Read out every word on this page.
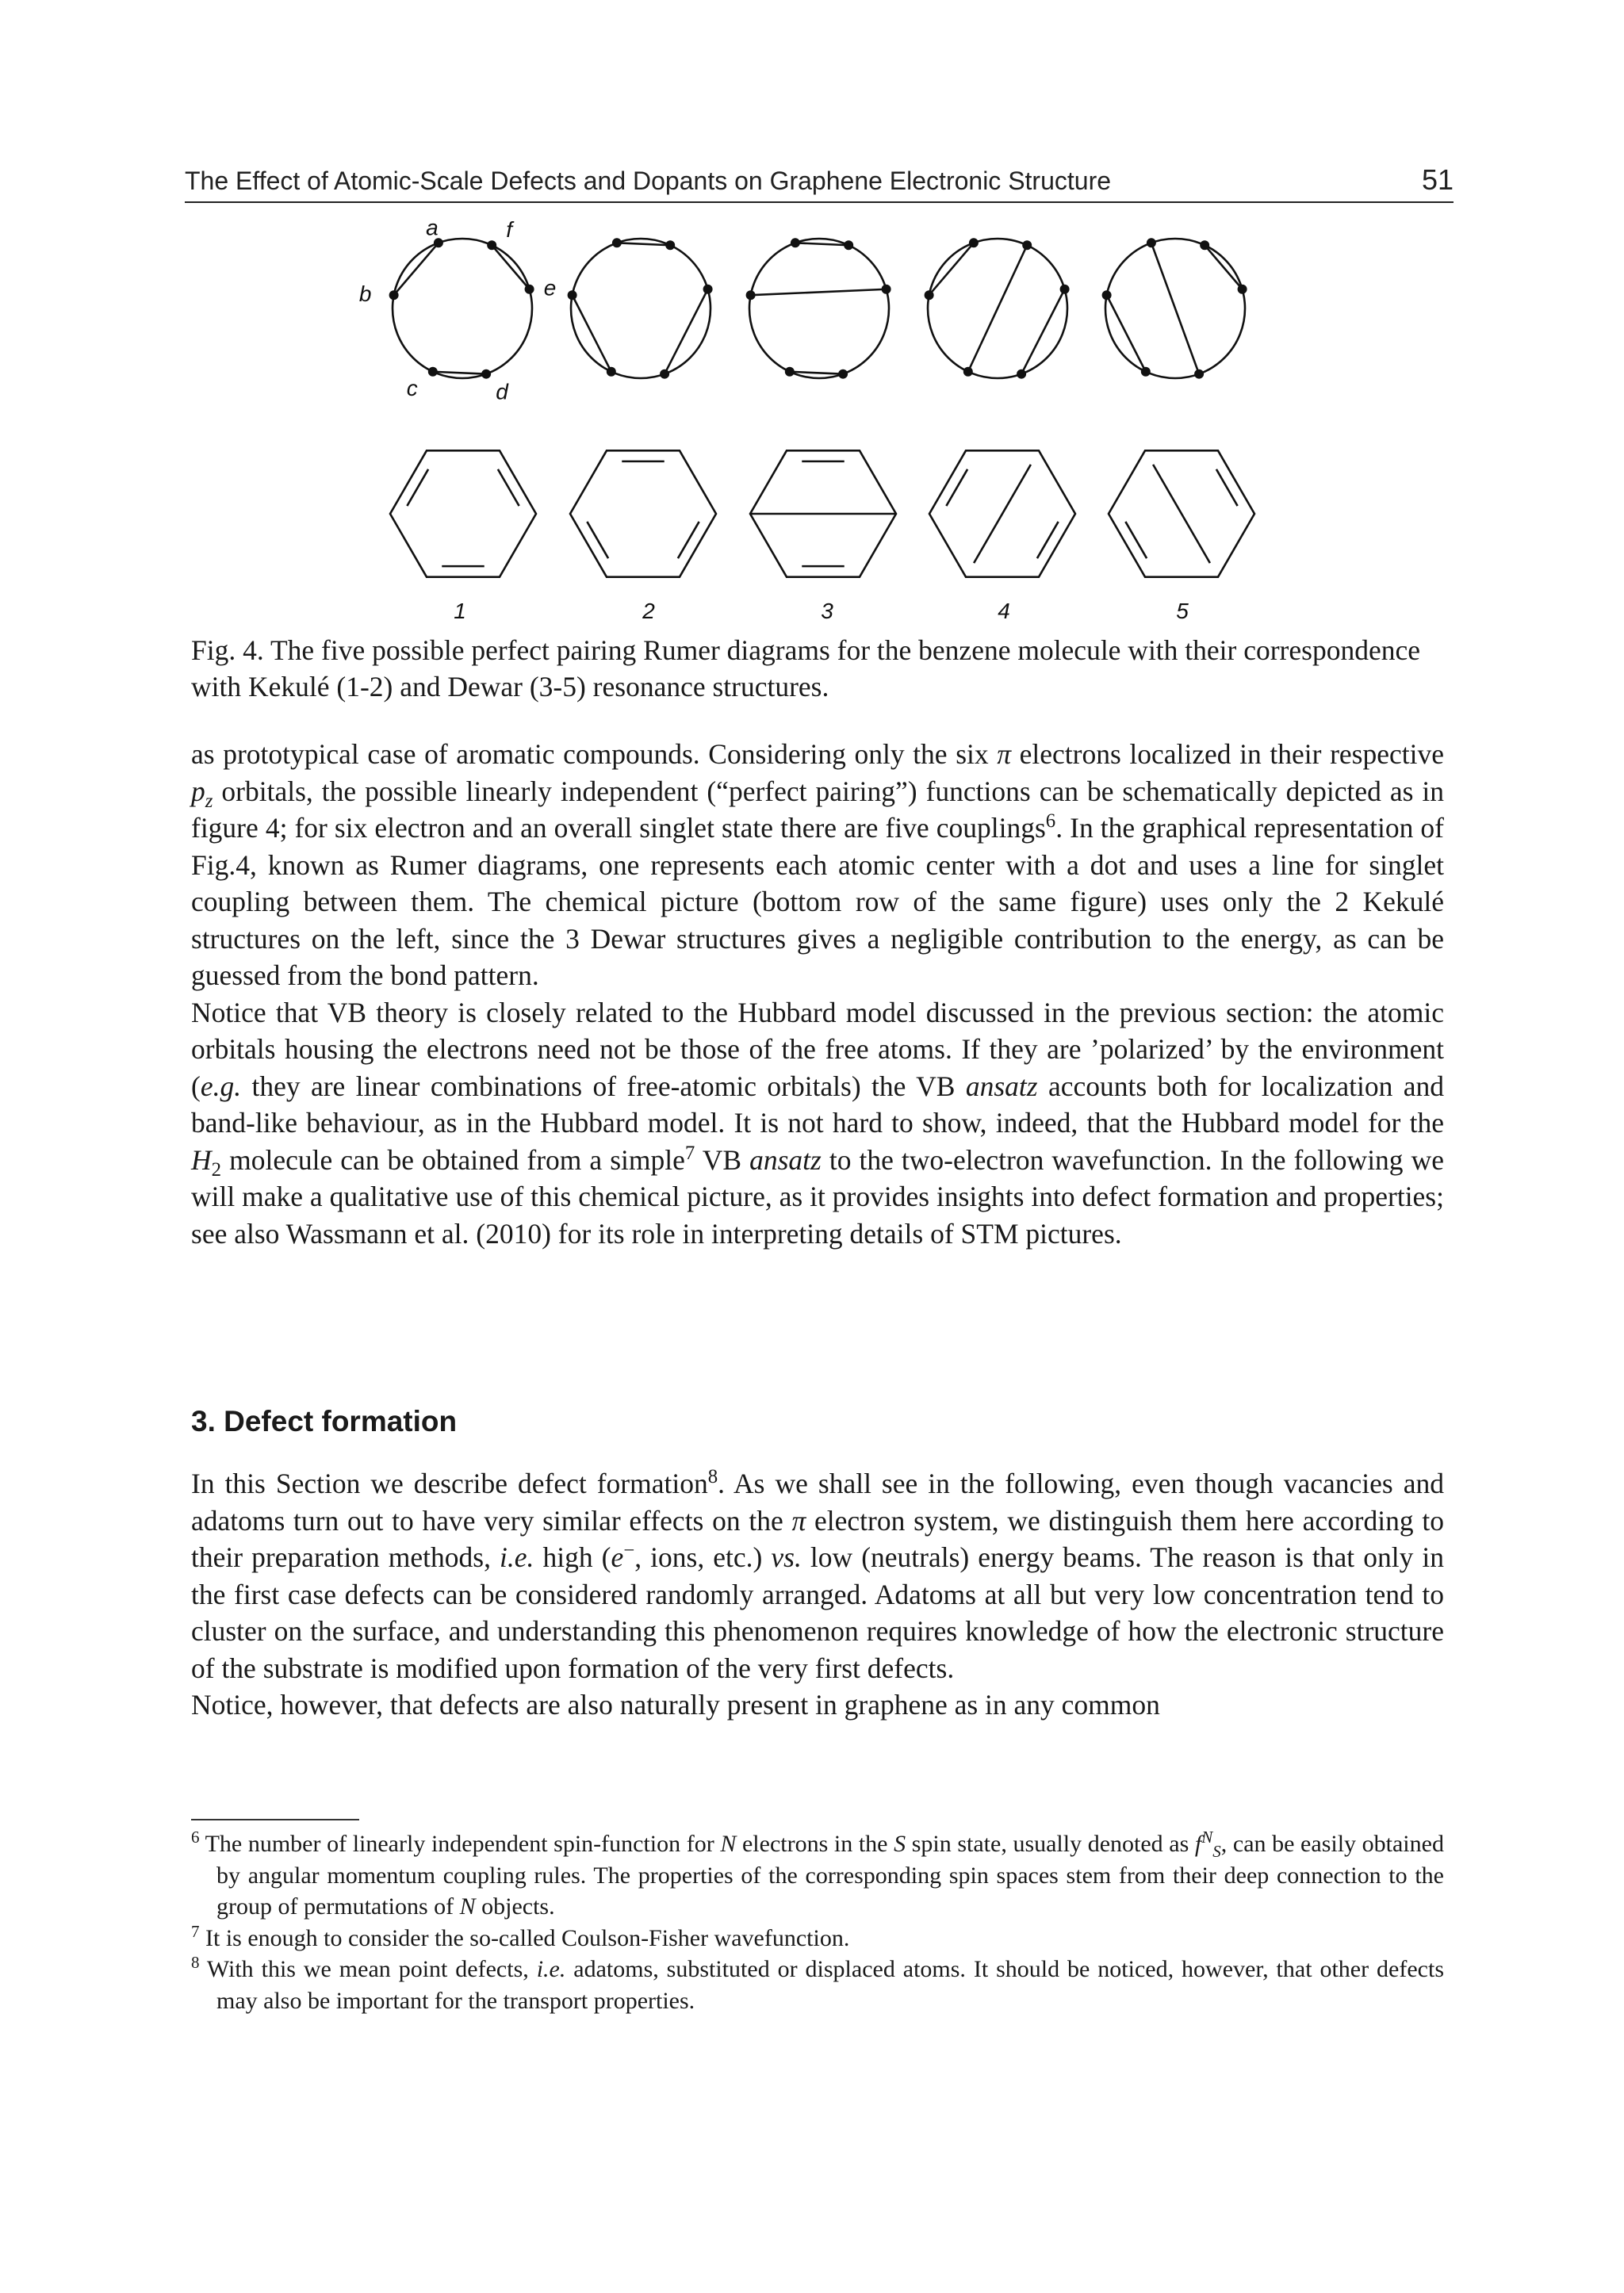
The Effect of Atomic-Scale Defects and Dopants on Graphene Electronic Structure	51
a
b
c	d
e
f
1	2	3	4	5
Fig. 4. The five possible perfect pairing Rumer diagrams for the benzene molecule with their correspondence with Kekulé (1-2) and Dewar (3-5) resonance structures.

as prototypical case of aromatic compounds. Considering only the six π electrons localized in their respective $p_z$ orbitals, the possible linearly independent (“perfect pairing”) functions can be schematically depicted as in figure 4; for six electron and an overall singlet state there are five couplings$^6$. In the graphical representation of Fig.4, known as Rumer diagrams, one represents each atomic center with a dot and uses a line for singlet coupling between them. The chemical picture (bottom row of the same figure) uses only the 2 Kekulé structures on the left, since the 3 Dewar structures gives a negligible contribution to the energy, as can be guessed from the bond pattern.

Notice that VB theory is closely related to the Hubbard model discussed in the previous section: the atomic orbitals housing the electrons need not be those of the free atoms. If they are ’polarized’ by the environment (e.g. they are linear combinations of free-atomic orbitals) the VB ansatz accounts both for localization and band-like behaviour, as in the Hubbard model. It is not hard to show, indeed, that the Hubbard model for the $H_2$ molecule can be obtained from a simple$^7$ VB ansatz to the two-electron wavefunction. In the following we will make a qualitative use of this chemical picture, as it provides insights into defect formation and properties; see also Wassmann et al. (2010) for its role in interpreting details of STM pictures.

3. Defect formation

In this Section we describe defect formation$^8$. As we shall see in the following, even though vacancies and adatoms turn out to have very similar effects on the π electron system, we distinguish them here according to their preparation methods, i.e. high (e−, ions, etc.) vs. low (neutrals) energy beams. The reason is that only in the first case defects can be considered randomly arranged. Adatoms at all but very low concentration tend to cluster on the surface, and understanding this phenomenon requires knowledge of how the electronic structure of the substrate is modified upon formation of the very first defects.

Notice, however, that defects are also naturally present in graphene as in any common

$^6$ The number of linearly independent spin-function for N electrons in the S spin state, usually denoted as $f^N_S$, can be easily obtained by angular momentum coupling rules. The properties of the corresponding spin spaces stem from their deep connection to the group of permutations of N objects.

$^7$ It is enough to consider the so-called Coulson-Fisher wavefunction.

$^8$ With this we mean point defects, i.e. adatoms, substituted or displaced atoms. It should be noticed, however, that other defects may also be important for the transport properties.
